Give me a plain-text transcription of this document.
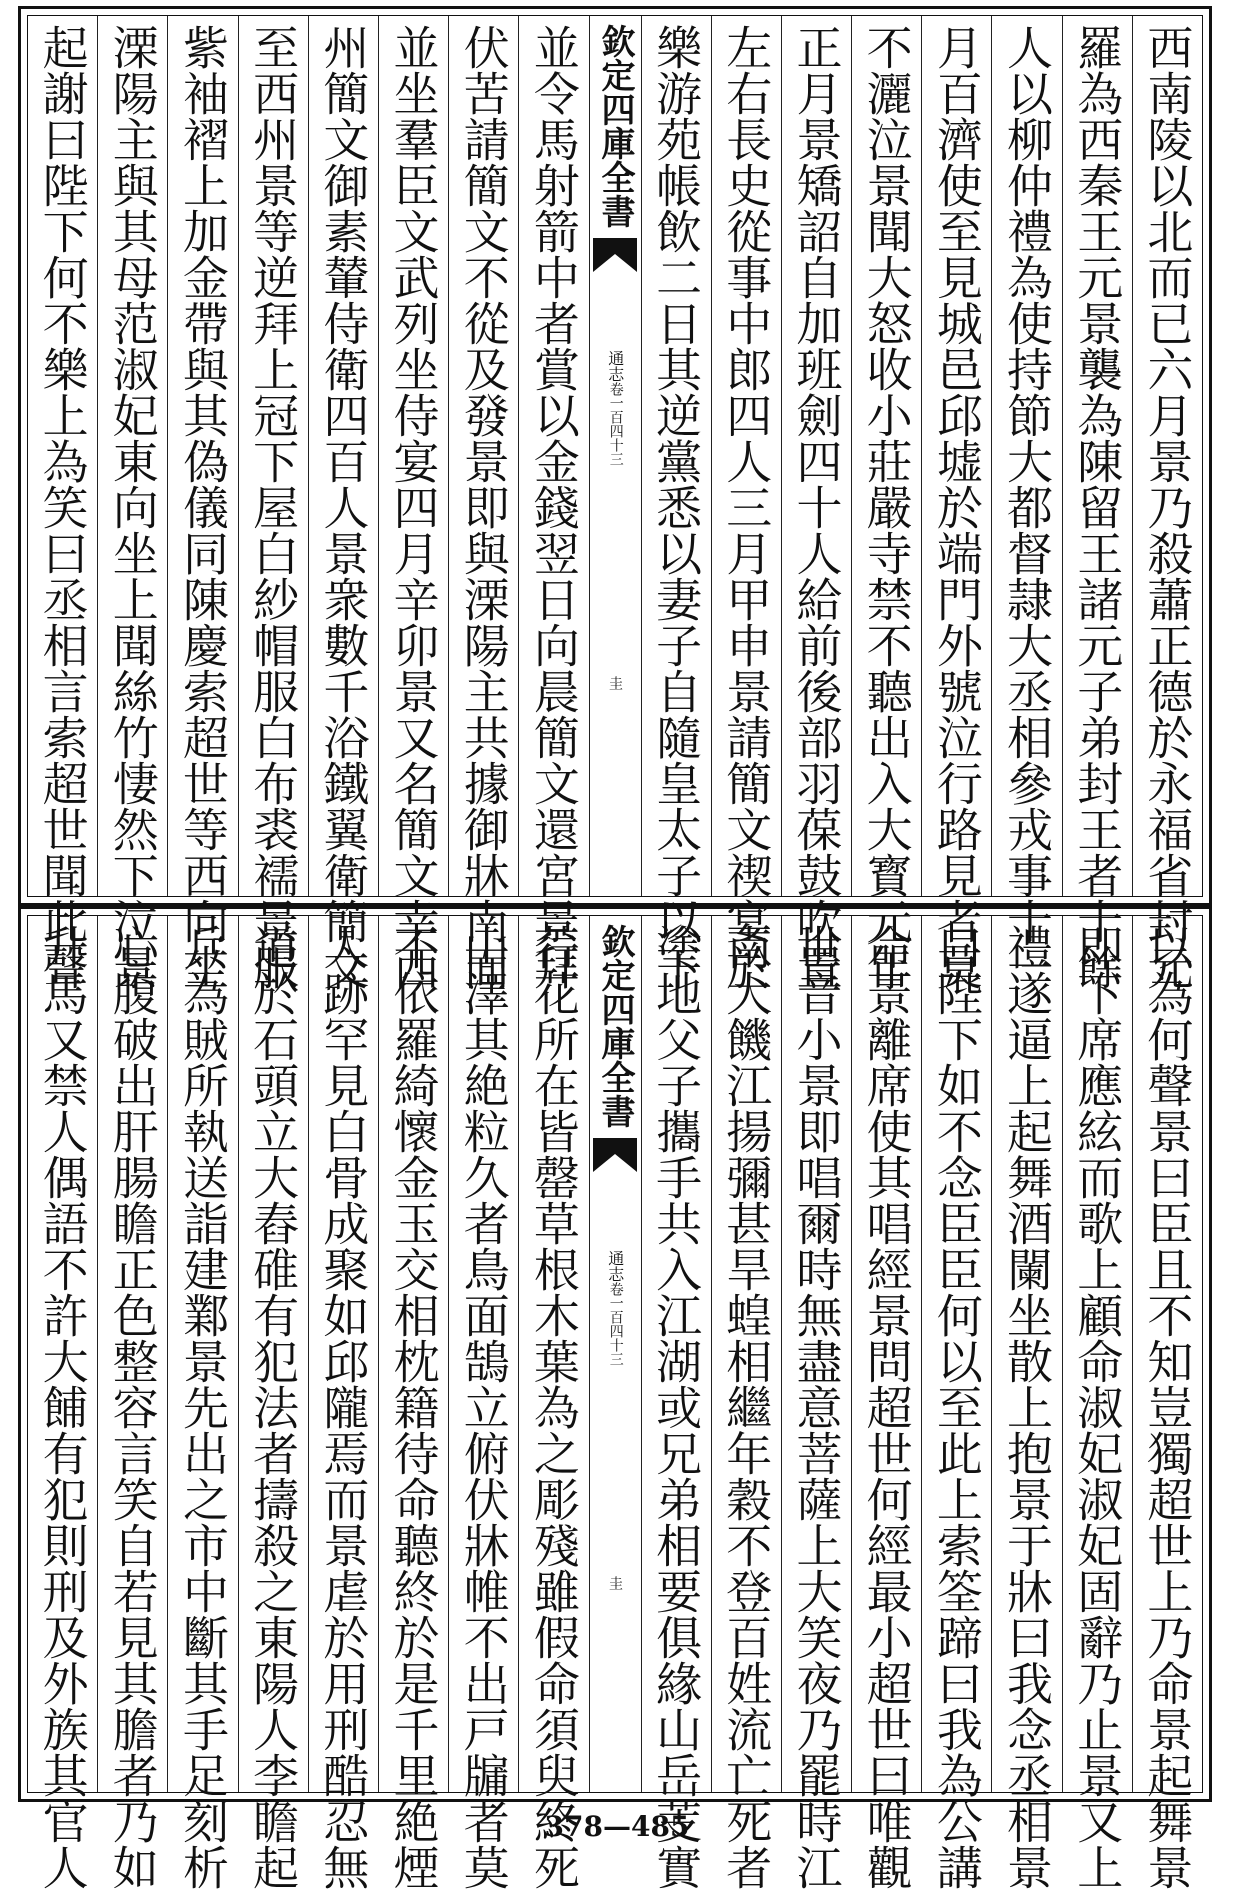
西南陵以北而已六月景乃殺蕭正德於永福省封元
羅為西秦王元景襲為陳留王諸元子弟封王者十餘
人以柳仲禮為使持節大都督隷大丞相參戎事十一
月百濟使至見城邑邱墟於端門外號泣行路見者莫
不灑泣景聞大怒收小莊嚴寺禁不聽出入大寳元年
正月景矯詔自加班劍四十人給前後部羽葆鼓吹置
左右長史從事中郎四人三月甲申景請簡文禊宴於
樂游苑帳飲二日其逆黨悉以妻子自隨皇太子以下
欽定四庫全書
通志
卷一百四十三
圭
並令馬射箭中者賞以金錢翌日向晨簡文還宮景拜
伏苦請簡文不從及發景即與溧陽主共據御牀南面
並坐羣臣文武列坐侍宴四月辛卯景又名簡文幸西
州簡文御素輦侍衛四百人景衆數千浴鐵翼衛簡文
至西州景等逆拜上冠下屋白紗帽服白布裘襦景服
紫袖褶上加金帶與其偽儀同陳慶索超世等西向坐
溧陽主與其母范淑妃東向坐上聞絲竹悽然下泣景
起謝曰陛下何不樂上為笑曰丞相言索超世聞此聲
以為何聲景曰臣且不知豈獨超世上乃命景起舞景
即下席應絃而歌上顧命淑妃淑妃固辭乃止景又上
禮遂逼上起舞酒闌坐散上抱景于牀曰我念丞相景
曰陛下如不念臣臣何以至此上索筌蹄曰我為公講
命景離席使其唱經景問超世何經最小超世曰唯觀
世音小景即唱爾時無盡意菩薩上大笑夜乃罷時江
南大饑江揚彌甚旱蝗相繼年穀不登百姓流亡死者
塗地父子攜手共入江湖或兄弟相要俱緣山岳芰實
欽定四庫全書
通志
卷一百四十三
圭
荇花所在皆罄草根木葉為之彫殘雖假命須臾終死
山澤其絶粒久者鳥面鵠立俯伏牀帷不出戸牖者莫
不依羅綺懷金玉交相枕籍待命聽終於是千里絶煙
人跡罕見白骨成聚如邱隴焉而景虐於用刑酷忍無
道於石頭立大舂碓有犯法者擣殺之東陽人李瞻起
兵為賊所執送詣建鄴景先出之市中斷其手足刻析
心腹破出肝腸瞻正色整容言笑自若見其膽者乃如
升馬又禁人偶語不許大餔有犯則刑及外族其官人	378—485
